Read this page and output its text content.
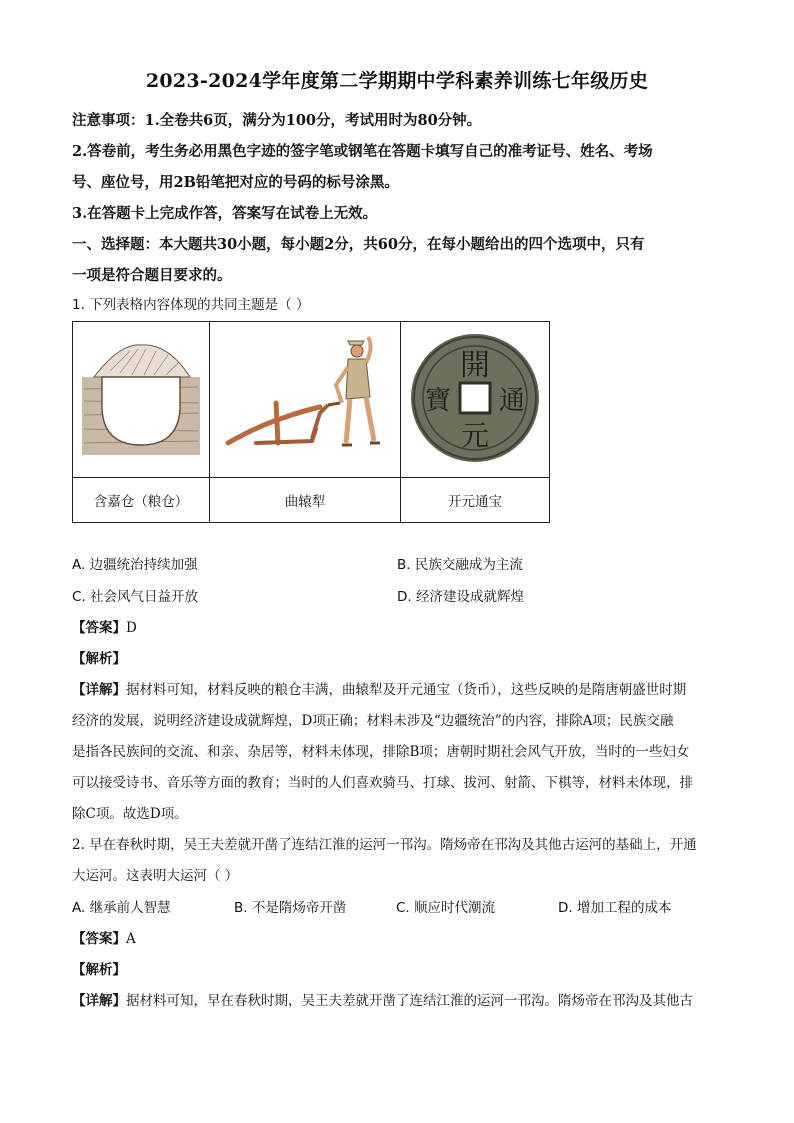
2023-2024学年度第二学期期中学科素养训练七年级历史
注意事项：1.全卷共6页，满分为100分，考试用时为80分钟。
2.答卷前，考生务必用黑色字迹的签字笔或钢笔在答题卡填写自己的准考证号、姓名、考场
号、座位号，用2B铅笔把对应的号码的标号涂黑。
3.在答题卡上完成作答，答案写在试卷上无效。
一、选择题：本大题共30小题，每小题2分，共60分，在每小题给出的四个选项中，只有
一项是符合题目要求的。
1. 下列表格内容体现的共同主题是（ ）

開
元
通
寶

含嘉仓（粮仓）	曲辕犁	开元通宝
A. 边疆统治持续加强	B. 民族交融成为主流
C. 社会风气日益开放	D. 经济建设成就辉煌
【答案】D
【解析】
【详解】据材料可知，材料反映的粮仓丰满，曲辕犁及开元通宝（货币），这些反映的是隋唐朝盛世时期
经济的发展，说明经济建设成就辉煌，D项正确；材料未涉及“边疆统治”的内容，排除A项；民族交融
是指各民族间的交流、和亲、杂居等，材料未体现，排除B项；唐朝时期社会风气开放，当时的一些妇女
可以接受诗书、音乐等方面的教育；当时的人们喜欢骑马、打球、拔河、射箭、下棋等，材料未体现，排
除C项。故选D项。
2. 早在春秋时期，吴王夫差就开凿了连结江淮的运河一邗沟。隋炀帝在邗沟及其他古运河的基础上，开通
大运河。这表明大运河（ ）
A. 继承前人智慧	B. 不是隋炀帝开凿	C. 顺应时代潮流	D. 增加工程的成本
【答案】A
【解析】
【详解】据材料可知，早在春秋时期，吴王夫差就开凿了连结江淮的运河一邗沟。隋炀帝在邗沟及其他古
